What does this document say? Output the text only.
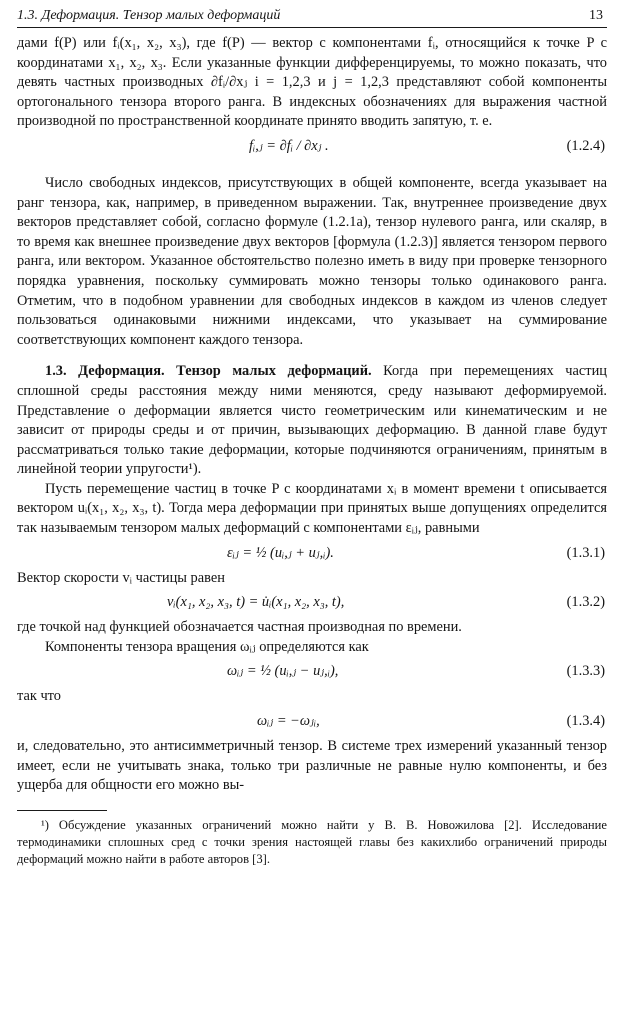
1.3. Деформация. Тензор малых деформаций	13

дами f(P) или fᵢ(x₁, x₂, x₃), где f(P) — вектор с компонентами fᵢ, относящийся к точке P с координатами x₁, x₂, x₃. Если указанные функции дифференцируемы, то можно показать, что девять частных производных ∂fᵢ/∂xⱼ i = 1,2,3 и j = 1,2,3 представляют собой компоненты ортогонального тензора второго ранга. В индексных обозначениях для выражения частной производной по пространственной координате принято вводить запятую, т. е.

fᵢ,ⱼ = ∂fᵢ / ∂xⱼ .	(1.2.4)

Число свободных индексов, присутствующих в общей компоненте, всегда указывает на ранг тензора, как, например, в приведенном выражении. Так, внутреннее произведение двух векторов представляет собой, согласно формуле (1.2.1a), тензор нулевого ранга, или скаляр, в то время как внешнее произведение двух векторов [формула (1.2.3)] является тензором первого ранга, или вектором. Указанное обстоятельство полезно иметь в виду при проверке тензорного порядка уравнения, поскольку суммировать можно тензоры только одинакового ранга. Отметим, что в подобном уравнении для свободных индексов в каждом из членов следует пользоваться одинаковыми нижними индексами, что указывает на суммирование соответствующих компонент каждого тензора.

1.3. Деформация. Тензор малых деформаций. Когда при перемещениях частиц сплошной среды расстояния между ними меняются, среду называют деформируемой. Представление о деформации является чисто геометрическим или кинематическим и не зависит от природы среды и от причин, вызывающих деформацию. В данной главе будут рассматриваться только такие деформации, которые подчиняются ограничениям, принятым в линейной теории упругости¹).

Пусть перемещение частиц в точке P с координатами xᵢ в момент времени t описывается вектором uᵢ(x₁, x₂, x₃, t). Тогда мера деформации при принятых выше допущениях определится так называемым тензором малых деформаций с компонентами εᵢⱼ, равными

εᵢⱼ = ½ (uᵢ,ⱼ + uⱼ,ᵢ).	(1.3.1)

Вектор скорости vᵢ частицы равен

vᵢ(x₁, x₂, x₃, t) = u̇ᵢ(x₁, x₂, x₃, t),	(1.3.2)

где точкой над функцией обозначается частная производная по времени.

Компоненты тензора вращения ωᵢⱼ определяются как

ωᵢⱼ = ½ (uᵢ,ⱼ − uⱼ,ᵢ),	(1.3.3)

так что

ωᵢⱼ = −ωⱼᵢ,	(1.3.4)

и, следовательно, это антисимметричный тензор. В системе трех измерений указанный тензор имеет, если не учитывать знака, только три различные не равные нулю компоненты, и без ущерба для общности его можно вы-

¹) Обсуждение указанных ограничений можно найти у В. В. Новожилова [2]. Исследование термодинамики сплошных сред с точки зрения настоящей главы без какихлибо ограничений природы деформаций можно найти в работе авторов [3].
